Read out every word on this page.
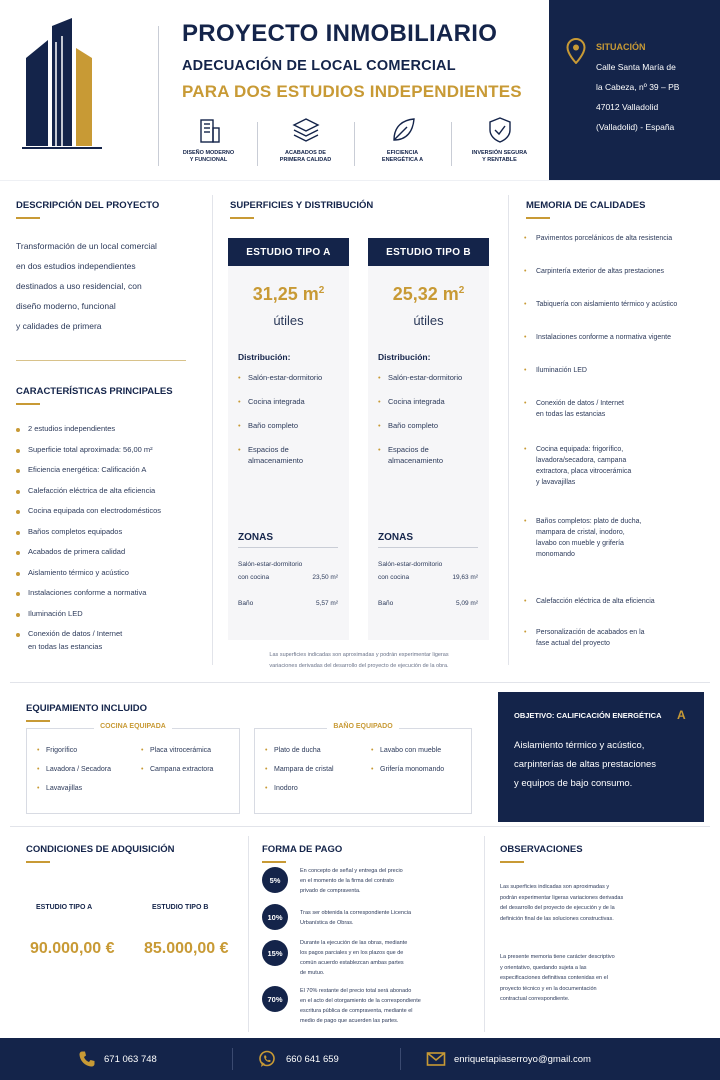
PROYECTO INMOBILIARIO
ADECUACIÓN DE LOCAL COMERCIAL
PARA DOS ESTUDIOS INDEPENDIENTES
DISEÑO MODERNO
Y FUNCIONAL
ACABADOS DE
PRIMERA CALIDAD
EFICIENCIA
ENERGÉTICA A
INVERSIÓN SEGURA
Y RENTABLE
SITUACIÓN
Calle Santa María de
la Cabeza, nº 39 – PB
47012 Valladolid
(Valladolid) - España
DESCRIPCIÓN DEL PROYECTO
Transformación de un local comercial
en dos estudios independientes
destinados a uso residencial, con
diseño moderno, funcional
y calidades de primera
CARACTERÍSTICAS PRINCIPALES
2 estudios independientes
Superficie total aproximada: 56,00 m²
Eficiencia energética: Calificación A
Calefacción eléctrica de alta eficiencia
Cocina equipada con electrodomésticos
Baños completos equipados
Acabados de primera calidad
Aislamiento térmico y acústico
Instalaciones conforme a normativa
Iluminación LED
Conexión de datos / Internet
en todas las estancias
SUPERFICIES Y DISTRIBUCIÓN
ESTUDIO TIPO A
31,25 $m^2$
útiles
Distribución:
• Salón-estar-dormitorio
• Cocina integrada
• Baño completo
• Espacios de almacenamiento
ZONAS
Salón-estar-dormitorio
con cocina	23,50 m²
Baño	5,57 m²
ESTUDIO TIPO B
25,32 $m^2$
útiles
Distribución:
• Salón-estar-dormitorio
• Cocina integrada
• Baño completo
• Espacios de almacenamiento
ZONAS
Salón-estar-dormitorio
con cocina	19,63 m²
Baño	5,09 m²
Las superficies indicadas son aproximadas y podrán experimentar ligeras
variaciones derivadas del desarrollo del proyecto de ejecución de la obra.
MEMORIA DE CALIDADES
• Pavimentos porcelánicos de alta resistencia
• Carpintería exterior de altas prestaciones
• Tabiquería con aislamiento térmico y acústico
• Instalaciones conforme a normativa vigente
• Iluminación LED
• Conexión de datos / Internet
en todas las estancias
• Cocina equipada: frigorífico,
lavadora/secadora, campana
extractora, placa vitrocerámica
y lavavajillas
• Baños completos: plato de ducha,
mampara de cristal, inodoro,
lavabo con mueble y grifería
monomando
• Calefacción eléctrica de alta eficiencia
• Personalización de acabados en la
fase actual del proyecto
EQUIPAMIENTO INCLUIDO
COCINA EQUIPADA
• Frigorífico
• Lavadora / Secadora
• Lavavajillas
• Placa vitrocerámica
• Campana extractora
BAÑO EQUIPADO
• Plato de ducha
• Mampara de cristal
• Inodoro
• Lavabo con mueble
• Grifería monomando
OBJETIVO: CALIFICACIÓN ENERGÉTICA A
Aislamiento térmico y acústico,
carpinterías de altas prestaciones
y equipos de bajo consumo.
CONDICIONES DE ADQUISICIÓN
ESTUDIO TIPO A
90.000,00 €
ESTUDIO TIPO B
85.000,00 €
FORMA DE PAGO
5%
En concepto de señal y entrega del precio
en el momento de la firma del contrato
privado de compraventa.
10%	Tras ser obtenida la correspondiente Licencia
Urbanística de Obras.
15%
Durante la ejecución de las obras, mediante
los pagos parciales y en los plazos que de
común acuerdo establezcan ambas partes
de mutuo.
70%
El 70% restante del precio total será abonado
en el acto del otorgamiento de la correspondiente
escritura pública de compraventa, mediante el
medio de pago que acuerden las partes.
OBSERVACIONES
Las superficies indicadas son aproximadas y
podrán experimentar ligeras variaciones derivadas
del desarrollo del proyecto de ejecución y de la
definición final de las soluciones constructivas.
La presente memoria tiene carácter descriptivo
y orientativo, quedando sujeta a las
especificaciones definitivas contenidas en el
proyecto técnico y en la documentación
contractual correspondiente.
671 063 748	660 641 659	enriquetapiaserroyo@gmail.com
